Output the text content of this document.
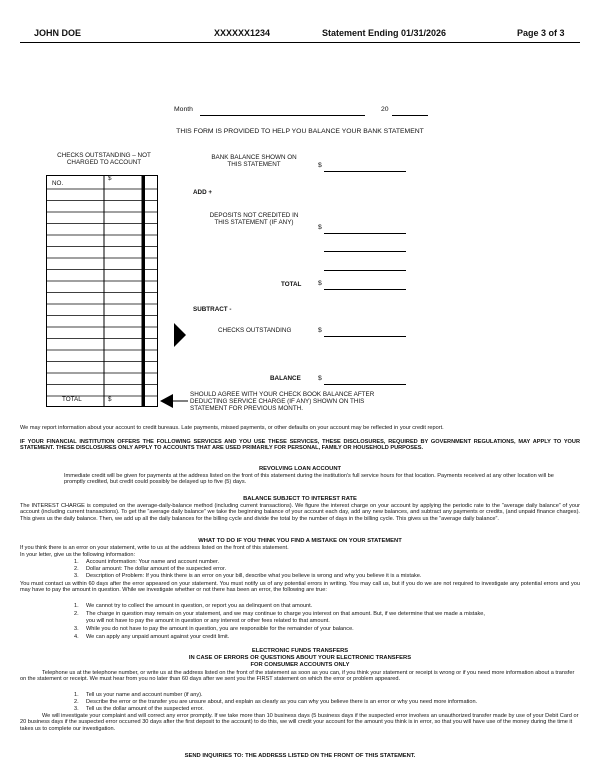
JOHN DOE	XXXXXX1234	Statement Ending 01/31/2026	Page 3 of 3
Month	20
THIS FORM IS PROVIDED TO HELP YOU BALANCE YOUR BANK STATEMENT
CHECKS OUTSTANDING – NOT CHARGED TO ACCOUNT
NO.
$
TOTAL	$
BANK BALANCE SHOWN ON THIS STATEMENT	$
ADD +
DEPOSITS NOT CREDITED IN THIS STATEMENT (IF ANY)
$
TOTAL $
SUBTRACT -
CHECKS OUTSTANDING	$
BALANCE	$
SHOULD AGREE WITH YOUR CHECK BOOK BALANCE AFTER DEDUCTING SERVICE CHARGE (IF ANY) SHOWN ON THIS STATEMENT FOR PREVIOUS MONTH.
We may report information about your account to credit bureaus. Late payments, missed payments, or other defaults on your account may be reflected in your credit report.
IF YOUR FINANCIAL INSTITUTION OFFERS THE FOLLOWING SERVICES AND YOU USE THESE SERVICES, THESE DISCLOSURES, REQUIRED BY GOVERNMENT REGULATIONS, MAY APPLY TO YOUR STATEMENT. THESE DISCLOSURES ONLY APPLY TO ACCOUNTS THAT ARE USED PRIMARILY FOR PERSONAL, FAMILY OR HOUSEHOLD PURPOSES.
REVOLVING LOAN ACCOUNT
Immediate credit will be given for payments at the address listed on the front of this statement during the institution's full service hours for that location. Payments received at any other location will be promptly credited, but credit could possibly be delayed up to five (5) days.
BALANCE SUBJECT TO INTEREST RATE
The INTEREST CHARGE is computed on the average-daily-balance method (including current transactions). We figure the interest charge on your account by applying the periodic rate to the “average daily balance” of your account (including current transactions). To get the “average daily balance” we take the beginning balance of your account each day, add any new balances, and subtract any payments or credits, (and unpaid finance charges). This gives us the daily balance. Then, we add up all the daily balances for the billing cycle and divide the total by the number of days in the billing cycle. This gives us the “average daily balance”.
WHAT TO DO IF YOU THINK YOU FIND A MISTAKE ON YOUR STATEMENT
If you think there is an error on your statement, write to us at the address listed on the front of this statement.
In your letter, give us the following information:
1. Account information: Your name and account number.
2. Dollar amount: The dollar amount of the suspected error.
3. Description of Problem: If you think there is an error on your bill, describe what you believe is wrong and why you believe it is a mistake.
You must contact us within 60 days after the error appeared on your statement. You must notify us of any potential errors in writing. You may call us, but if you do we are not required to investigate any potential errors and you may have to pay the amount in question. While we investigate whether or not there has been an error, the following are true:
1. We cannot try to collect the amount in question, or report you as delinquent on that amount.
2. The charge in question may remain on your statement, and we may continue to charge you interest on that amount. But, if we determine that we made a mistake,
you will not have to pay the amount in question or any interest or other fees related to that amount.
3. While you do not have to pay the amount in question, you are responsible for the remainder of your balance.
4. We can apply any unpaid amount against your credit limit.
ELECTRONIC FUNDS TRANSFERS
IN CASE OF ERRORS OR QUESTIONS ABOUT YOUR ELECTRONIC TRANSFERS
FOR CONSUMER ACCOUNTS ONLY
Telephone us at the telephone number, or write us at the address listed on the front of the statement as soon as you can, if you think your statement or receipt is wrong or if you need more information about a transfer on the statement or receipt. We must hear from you no later than 60 days after we sent you the FIRST statement on which the error or problem appeared.
1. Tell us your name and account number (if any).
2. Describe the error or the transfer you are unsure about, and explain as clearly as you can why you believe there is an error or why you need more information.
3. Tell us the dollar amount of the suspected error.
We will investigate your complaint and will correct any error promptly. If we take more than 10 business days (5 business days if the suspected error involves an unauthorized transfer made by use of your Debit Card or 20 business days if the suspected error occurred 30 days after the first deposit to the account) to do this, we will credit your account for the amount you think is in error, so that you will have use of the money during the time it takes us to complete our investigation.
SEND INQUIRIES TO: THE ADDRESS LISTED ON THE FRONT OF THIS STATEMENT.
